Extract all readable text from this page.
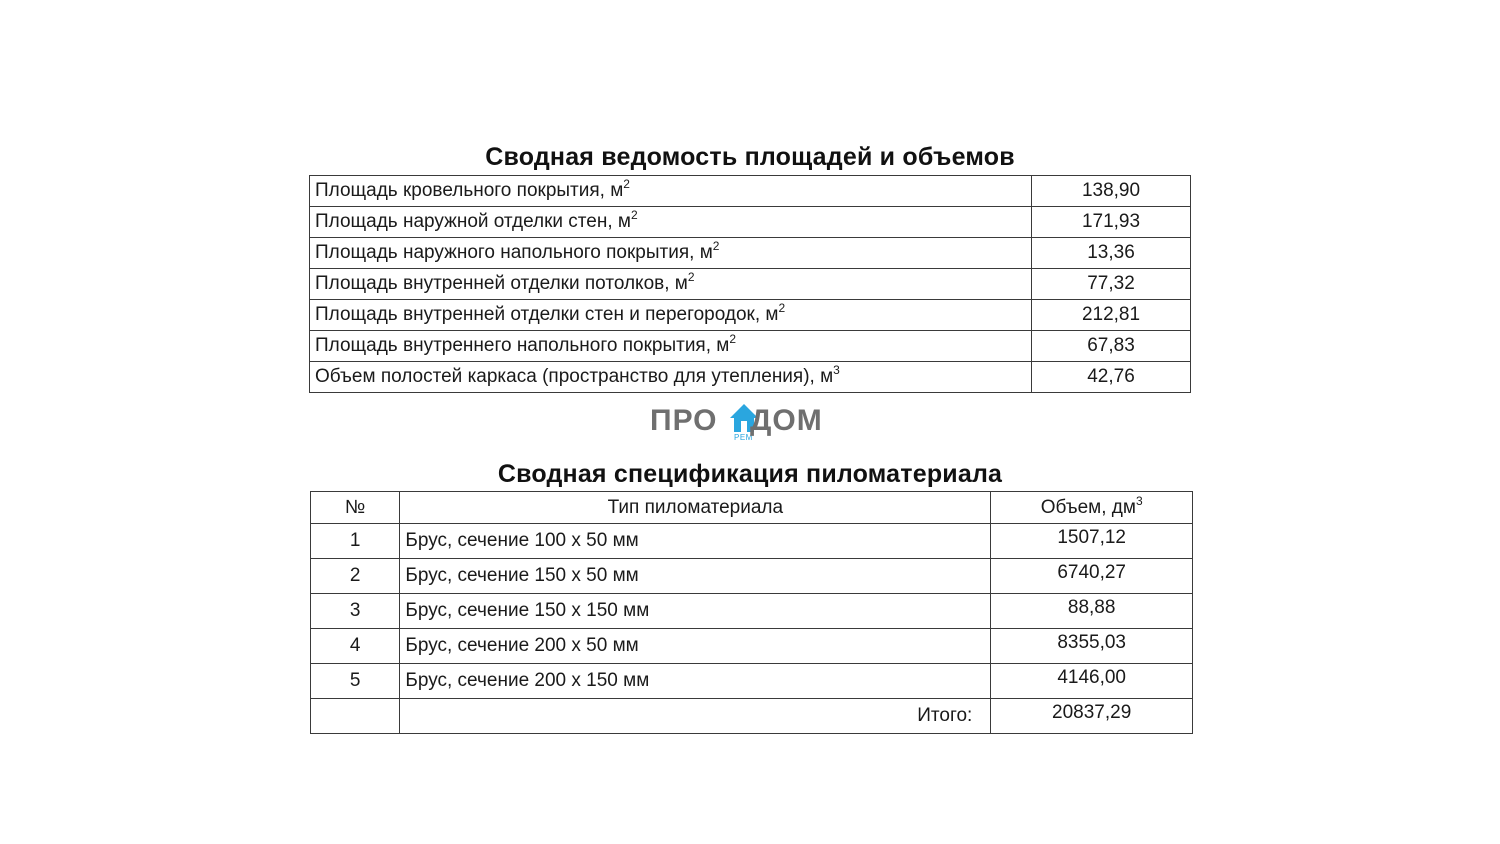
Сводная ведомость площадей и объемов
Площадь кровельного покрытия, $м^2$	138,90
Площадь наружной отделки стен, $м^2$	171,93
Площадь наружного напольного покрытия, $м^2$	13,36
Площадь внутренней отделки потолков, $м^2$	77,32
Площадь внутренней отделки стен и перегородок, $м^2$	212,81
Площадь внутреннего напольного покрытия, $м^2$	67,83
Объем полостей каркаса (пространство для утепления), $м^3$	42,76
ПРО
РЕМ
ДОМ
Сводная спецификация пиломатериала
№	Тип пиломатериала	Объем, $дм^3$
1	Брус, сечение 100 х 50 мм	1507,12
2	Брус, сечение 150 х 50 мм	6740,27
3	Брус, сечение 150 х 150 мм	88,88
4	Брус, сечение 200 х 50 мм	8355,03
5	Брус, сечение 200 х 150 мм	4146,00
	Итого:	20837,29
